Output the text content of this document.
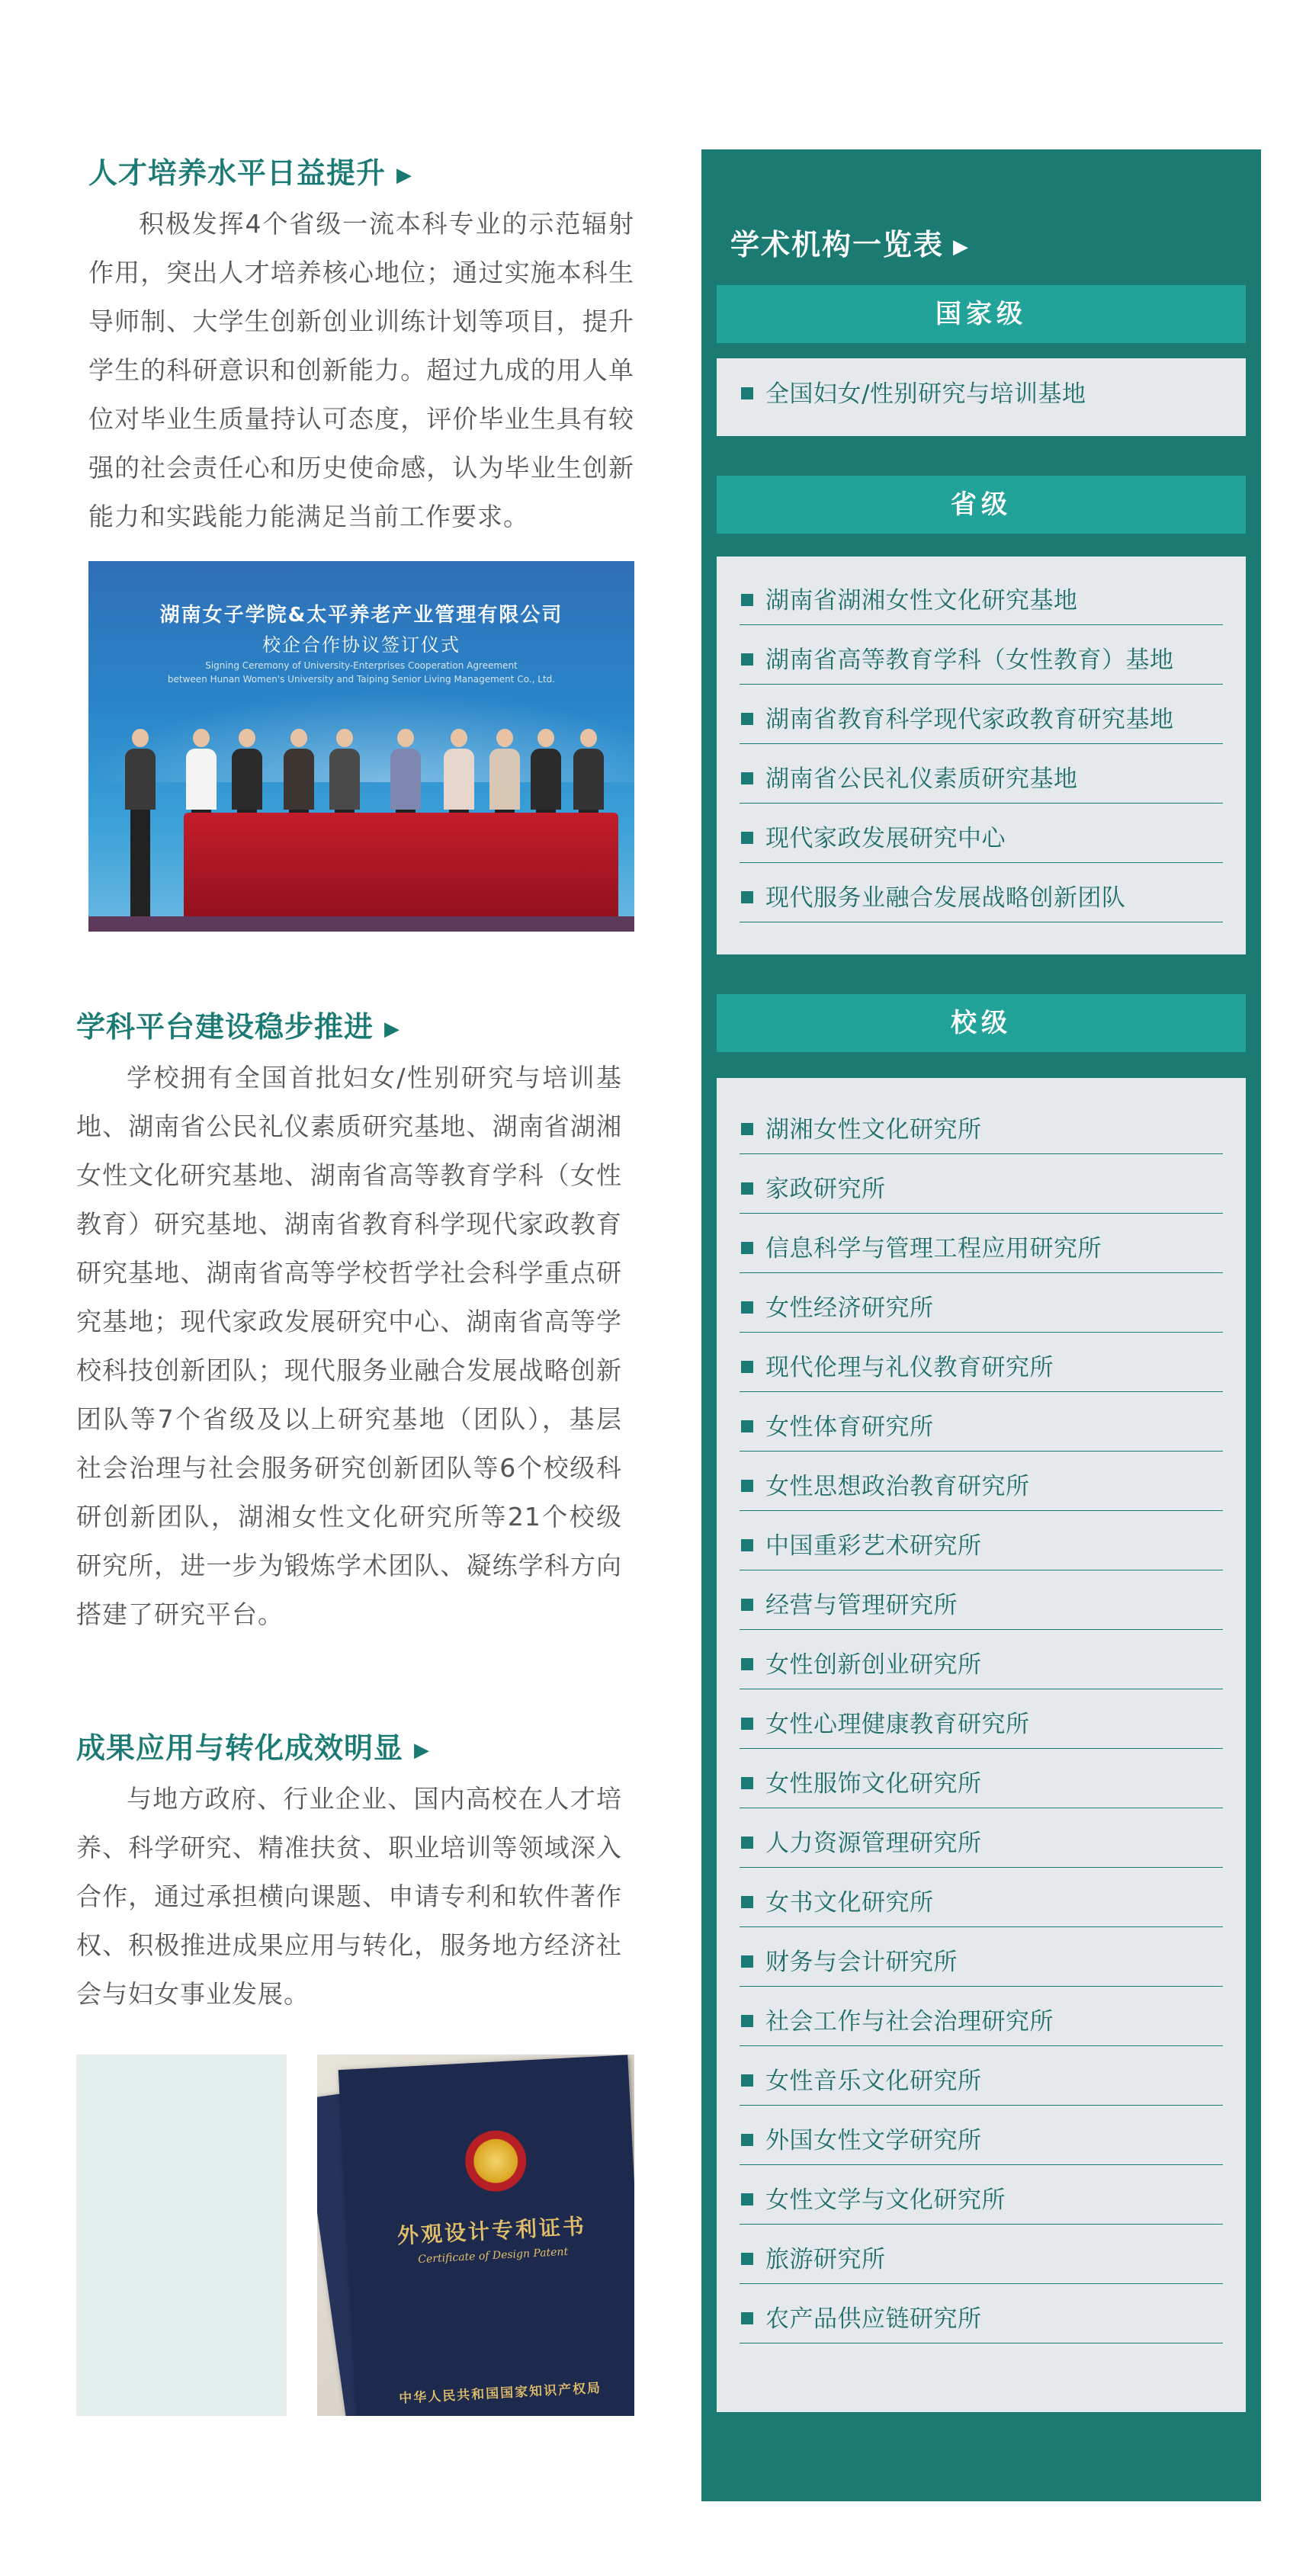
人才培养水平日益提升 ▶

积极发挥4个省级一流本科专业的示范辐射作用，突出人才培养核心地位；通过实施本科生导师制、大学生创新创业训练计划等项目，提升学生的科研意识和创新能力。超过九成的用人单位对毕业生质量持认可态度，评价毕业生具有较强的社会责任心和历史使命感，认为毕业生创新能力和实践能力能满足当前工作要求。

湖南女子学院&太平养老产业管理有限公司
校企合作协议签订仪式
Signing Ceremony of University-Enterprises Cooperation Agreement
between Hunan Women's University and Taiping Senior Living Management Co., Ltd.
学科平台建设稳步推进 ▶

学校拥有全国首批妇女/性别研究与培训基地、湖南省公民礼仪素质研究基地、湖南省湖湘女性文化研究基地、湖南省高等教育学科（女性教育）研究基地、湖南省教育科学现代家政教育研究基地、湖南省高等学校哲学社会科学重点研究基地；现代家政发展研究中心、湖南省高等学校科技创新团队；现代服务业融合发展战略创新团队等7个省级及以上研究基地（团队），基层社会治理与社会服务研究创新团队等6个校级科研创新团队，湖湘女性文化研究所等21个校级研究所，进一步为锻炼学术团队、凝练学科方向搭建了研究平台。

成果应用与转化成效明显 ▶

与地方政府、行业企业、国内高校在人才培养、科学研究、精准扶贫、职业培训等领域深入合作，通过承担横向课题、申请专利和软件著作权、积极推进成果应用与转化，服务地方经济社会与妇女事业发展。

外观设计专利证书
Certificate of Design Patent
中华人民共和国国家知识产权局
学术机构一览表 ▶
国家级
全国妇女/性别研究与培训基地
省级
湖南省湖湘女性文化研究基地
湖南省高等教育学科（女性教育）基地
湖南省教育科学现代家政教育研究基地
湖南省公民礼仪素质研究基地
现代家政发展研究中心
现代服务业融合发展战略创新团队
校级
湖湘女性文化研究所
家政研究所
信息科学与管理工程应用研究所
女性经济研究所
现代伦理与礼仪教育研究所
女性体育研究所
女性思想政治教育研究所
中国重彩艺术研究所
经营与管理研究所
女性创新创业研究所
女性心理健康教育研究所
女性服饰文化研究所
人力资源管理研究所
女书文化研究所
财务与会计研究所
社会工作与社会治理研究所
女性音乐文化研究所
外国女性文学研究所
女性文学与文化研究所
旅游研究所
农产品供应链研究所
